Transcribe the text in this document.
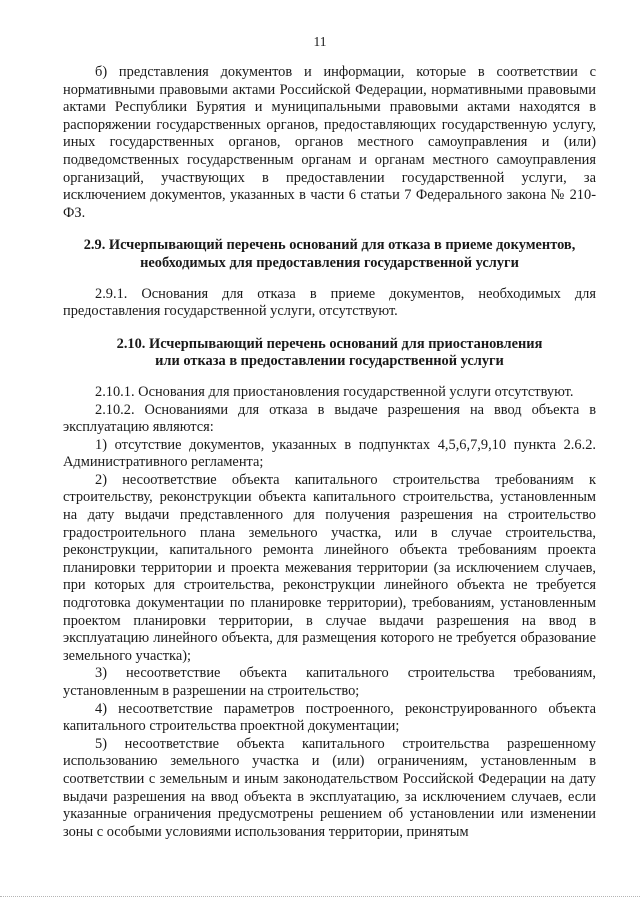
11

б) представления документов и информации, которые в соответствии с нормативными правовыми актами Российской Федерации, нормативными правовыми актами Республики Бурятия и муниципальными правовыми актами находятся в распоряжении государственных органов, предоставляющих государственную услугу, иных государственных органов, органов местного самоуправления и (или) подведомственных государственным органам и органам местного самоуправления организаций, участвующих в предоставлении государственной услуги, за исключением документов, указанных в части 6 статьи 7 Федерального закона № 210-ФЗ.

2.9. Исчерпывающий перечень оснований для отказа в приеме документов,

необходимых для предоставления государственной услуги

2.9.1. Основания для отказа в приеме документов, необходимых для предоставления государственной услуги, отсутствуют.

2.10. Исчерпывающий перечень оснований для приостановления

или отказа в предоставлении государственной услуги

2.10.1. Основания для приостановления государственной услуги отсутствуют.

2.10.2. Основаниями для отказа в выдаче разрешения на ввод объекта в эксплуатацию являются:

1) отсутствие документов, указанных в подпунктах 4,5,6,7,9,10 пункта 2.6.2. Административного регламента;

2) несоответствие объекта капитального строительства требованиям к строительству, реконструкции объекта капитального строительства, установленным на дату выдачи представленного для получения разрешения на строительство градостроительного плана земельного участка, или в случае строительства, реконструкции, капитального ремонта линейного объекта требованиям проекта планировки территории и проекта межевания территории (за исключением случаев, при которых для строительства, реконструкции линейного объекта не требуется подготовка документации по планировке территории), требованиям, установленным проектом планировки территории, в случае выдачи разрешения на ввод в эксплуатацию линейного объекта, для размещения которого не требуется образование земельного участка);

3) несоответствие объекта капитального строительства требованиям, установленным в разрешении на строительство;

4) несоответствие параметров построенного, реконструированного объекта капитального строительства проектной документации;

5) несоответствие объекта капитального строительства разрешенному использованию земельного участка и (или) ограничениям, установленным в соответствии с земельным и иным законодательством Российской Федерации на дату выдачи разрешения на ввод объекта в эксплуатацию, за исключением случаев, если указанные ограничения предусмотрены решением об установлении или изменении зоны с особыми условиями использования территории, принятым
